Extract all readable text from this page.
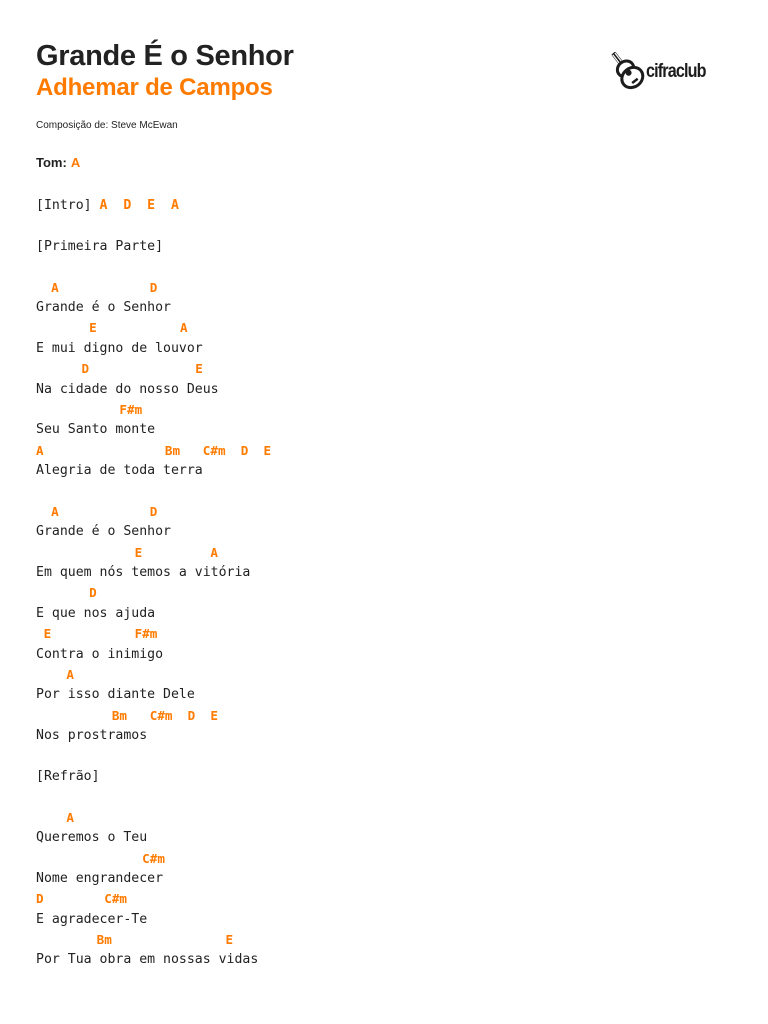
Grande É o Senhor
Adhemar de Campos
Composição de: Steve McEwan
cifraclub
Tom: A
[Intro] A  D  E  A
[Primeira Parte]
A            D
Grande é o Senhor
E           A
E mui digno de louvor
D              E
Na cidade do nosso Deus
F#m
Seu Santo monte
A                Bm   C#m  D  E
Alegria de toda terra
A            D
Grande é o Senhor
E         A
Em quem nós temos a vitória
D
E que nos ajuda
E           F#m
Contra o inimigo
A
Por isso diante Dele
Bm   C#m  D  E
Nos prostramos
[Refrão]
A
Queremos o Teu
C#m
Nome engrandecer
D        C#m
E agradecer-Te
Bm               E
Por Tua obra em nossas vidas
